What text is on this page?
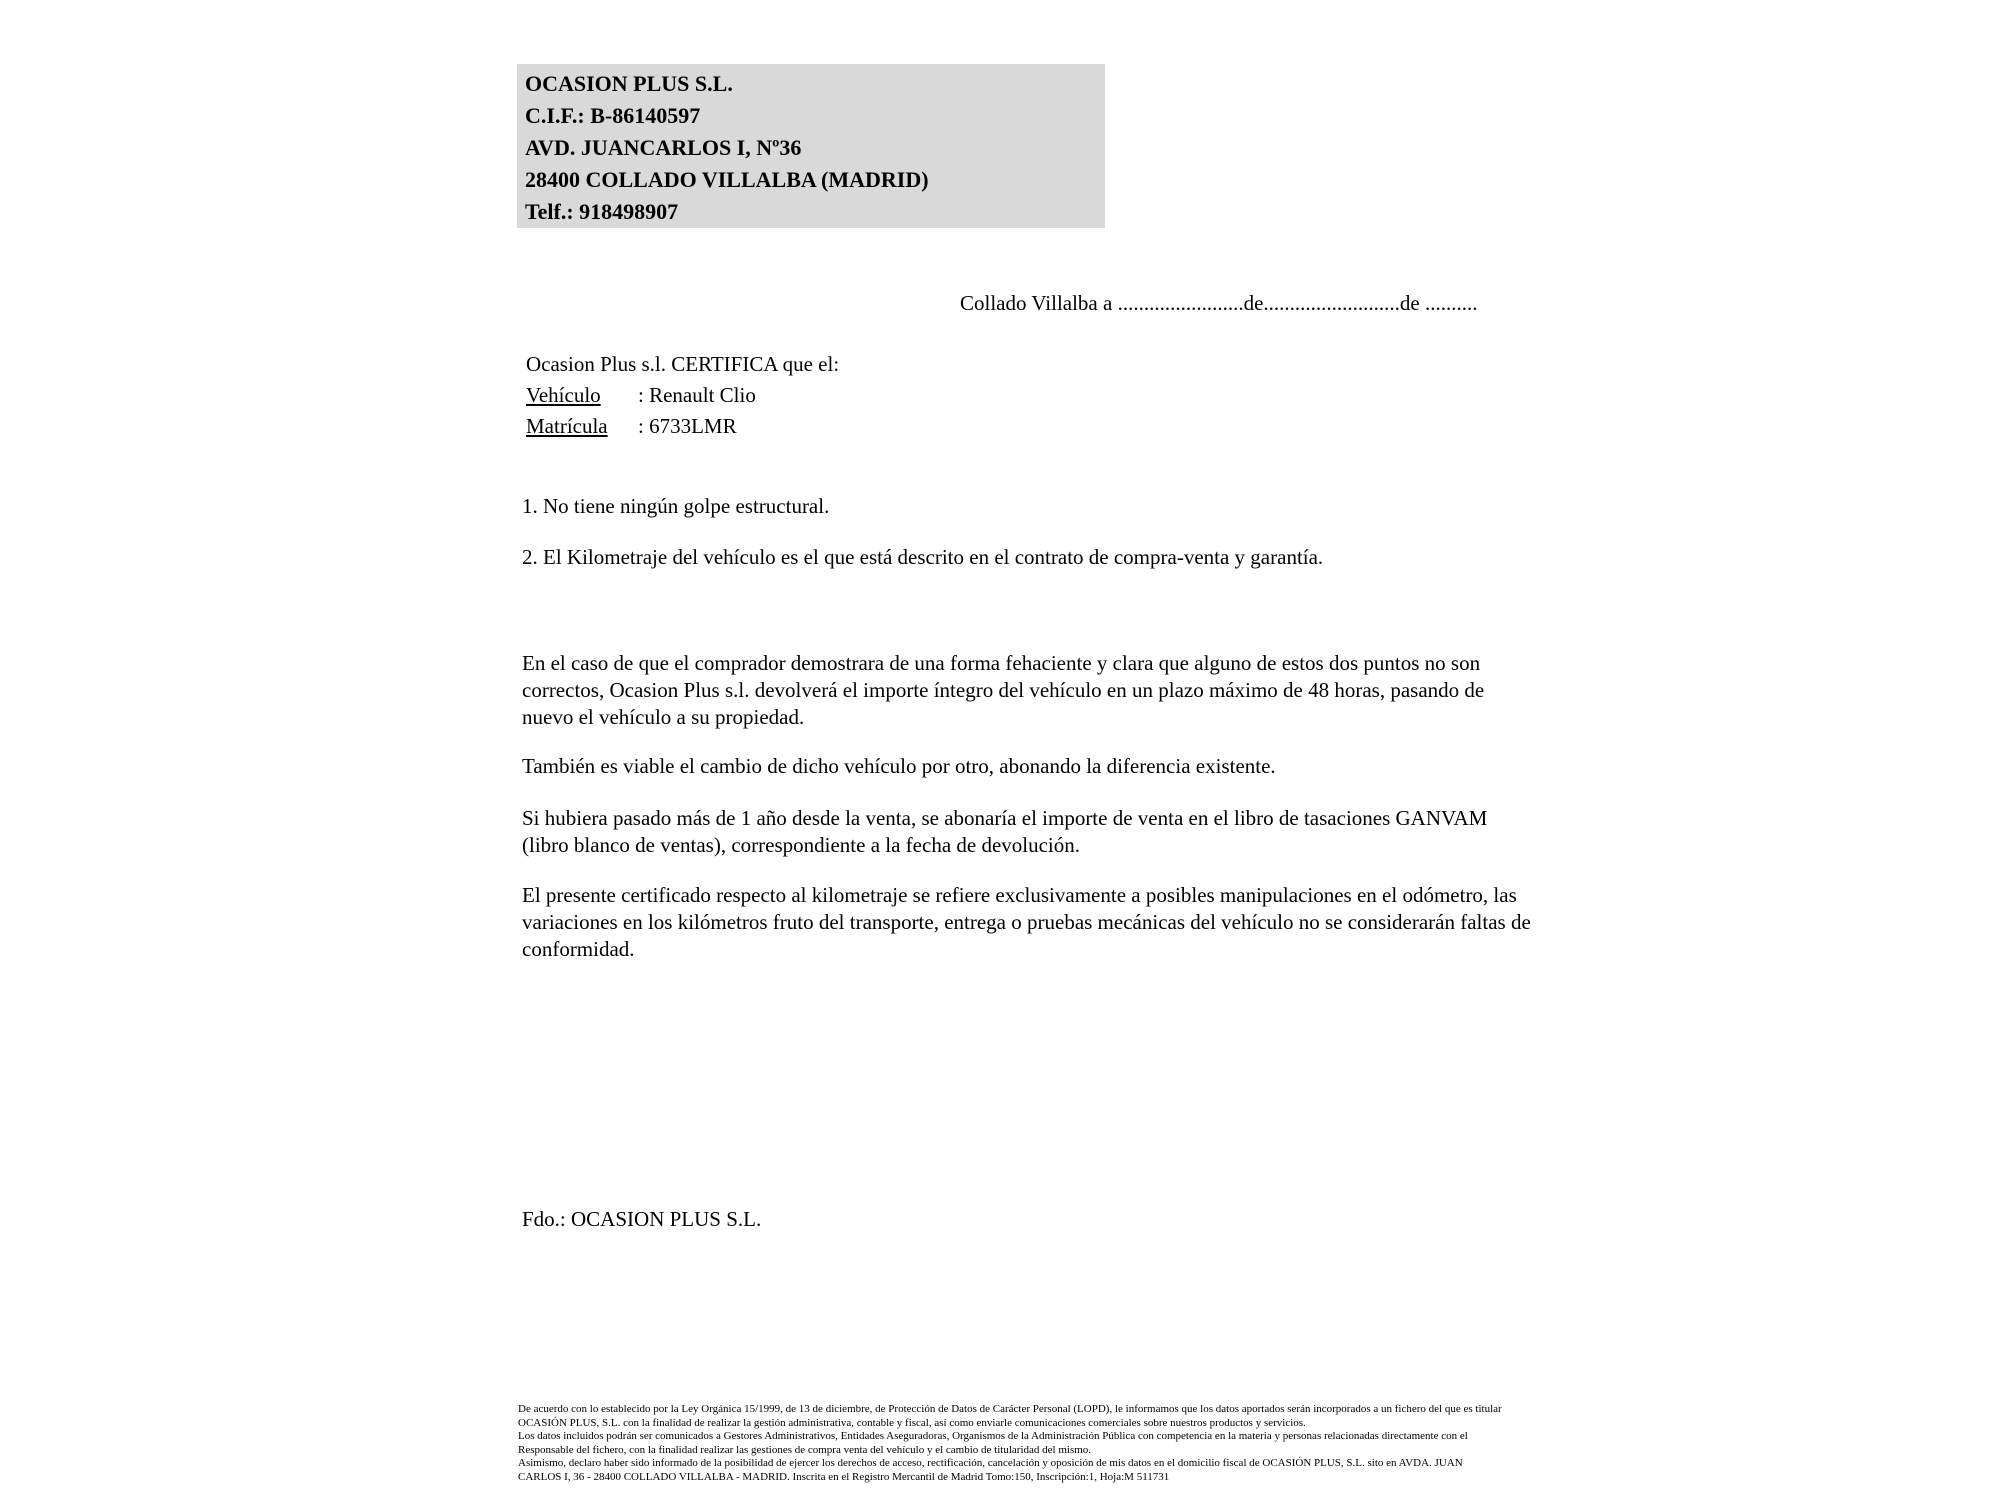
OCASION PLUS S.L.
C.I.F.: B-86140597
AVD. JUANCARLOS I, Nº36
28400 COLLADO VILLALBA (MADRID)
Telf.: 918498907
Collado Villalba a ........................de..........................de ..........
Ocasion Plus s.l. CERTIFICA que el:
Vehículo : Renault Clio
Matrícula : 6733LMR
1. No tiene ningún golpe estructural.
2. El Kilometraje del vehículo es el que está descrito en el contrato de compra-venta y garantía.
En el caso de que el comprador demostrara de una forma fehaciente y clara que alguno de estos dos puntos no son correctos, Ocasion Plus s.l. devolverá el importe íntegro del vehículo en un plazo máximo de 48 horas, pasando de nuevo el vehículo a su propiedad.
También es viable el cambio de dicho vehículo por otro, abonando la diferencia existente.
Si hubiera pasado más de 1 año desde la venta, se abonaría el importe de venta en el libro de tasaciones GANVAM (libro blanco de ventas), correspondiente a la fecha de devolución.
El presente certificado respecto al kilometraje se refiere exclusivamente a posibles manipulaciones en el odómetro, las variaciones en los kilómetros fruto del transporte, entrega o pruebas mecánicas del vehículo no se considerarán faltas de conformidad.
Fdo.: OCASION PLUS S.L.
De acuerdo con lo establecido por la Ley Orgánica 15/1999, de 13 de diciembre, de Protección de Datos de Carácter Personal (LOPD), le informamos que los datos aportados serán incorporados a un fichero del que es titular
OCASIÓN PLUS, S.L. con la finalidad de realizar la gestión administrativa, contable y fiscal, así como enviarle comunicaciones comerciales sobre nuestros productos y servicios.
Los datos incluidos podrán ser comunicados a Gestores Administrativos, Entidades Aseguradoras, Organismos de la Administración Pública con competencia en la materia y personas relacionadas directamente con el
Responsable del fichero, con la finalidad realizar las gestiones de compra venta del vehículo y el cambio de titularidad del mismo.
Asimismo, declaro haber sido informado de la posibilidad de ejercer los derechos de acceso, rectificación, cancelación y oposición de mis datos en el domicilio fiscal de OCASIÓN PLUS, S.L. sito en AVDA. JUAN
CARLOS I, 36 - 28400 COLLADO VILLALBA - MADRID. Inscrita en el Registro Mercantil de Madrid Tomo:150, Inscripción:1, Hoja:M 511731
